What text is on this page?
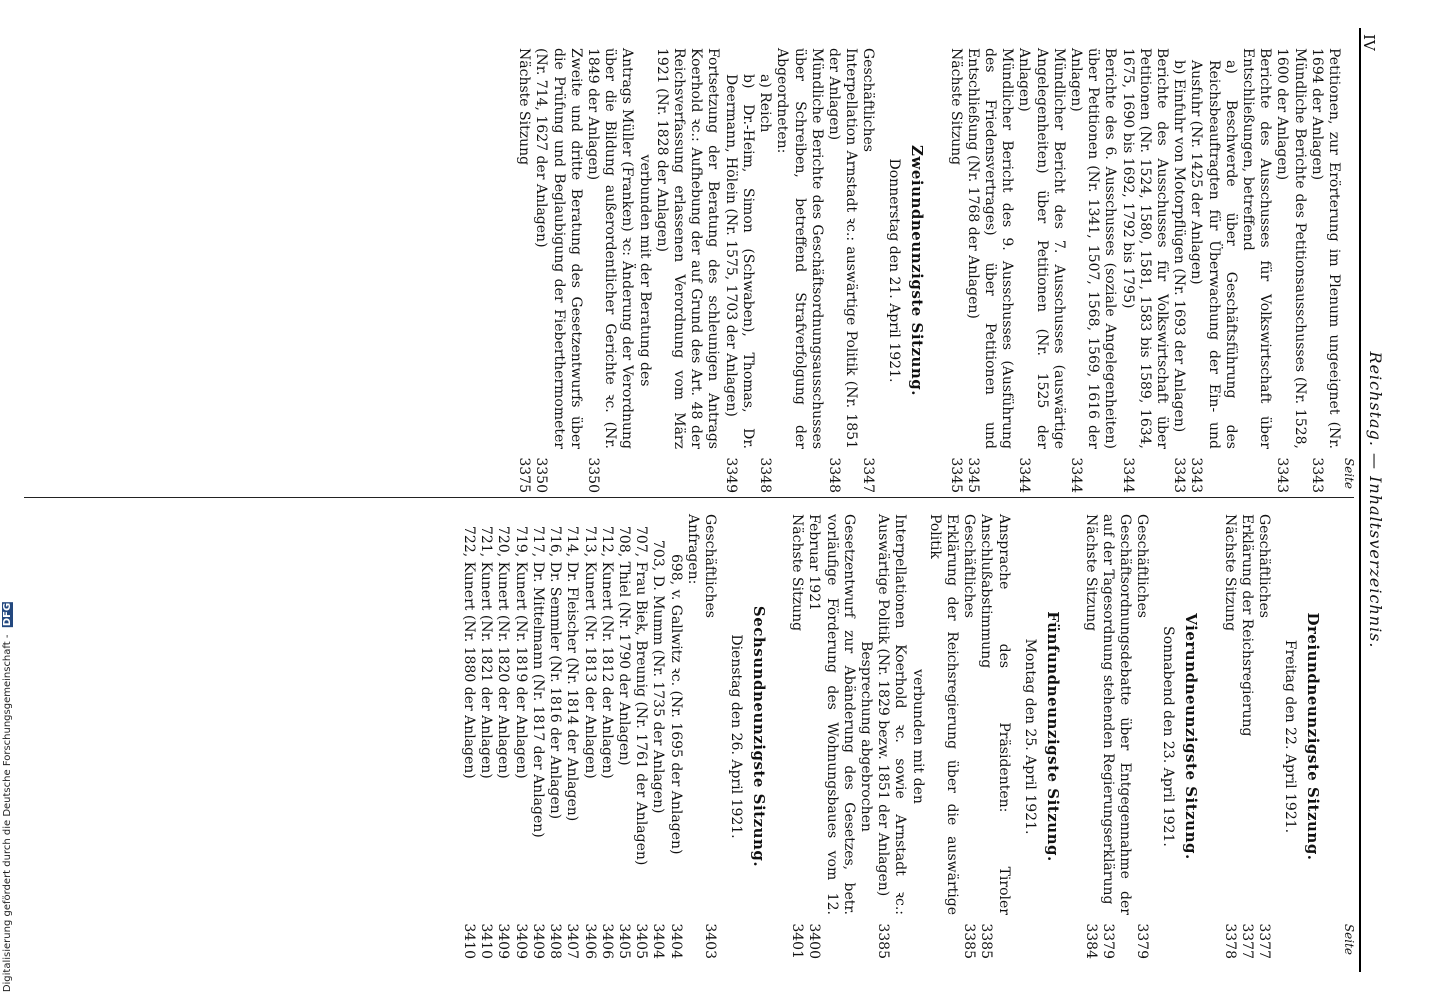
IV
Reichstag. — Inhaltsverzeichnis.
Seite
Petitionen, zur Erörterung im Plenum ungeeignet (Nr. 1694 der Anlagen)
3343
Mündliche Berichte des Petitionsausschusses (Nr. 1528, 1600 der Anlagen)
3343
Berichte des Ausschusses für Volkswirtschaft über Entschließungen, betreffend
a) Beschwerde über Geschäftsführung des Reichsbeauftragten für Überwachung der Ein- und Ausfuhr (Nr. 1425 der Anlagen)
3343
b) Einfuhr von Motorpflügen (Nr. 1693 der Anlagen)
3343
Berichte des Ausschusses für Volkswirtschaft über Petitionen (Nr. 1524, 1580, 1581, 1583 bis 1589, 1634, 1675, 1690 bis 1692, 1792 bis 1795)
3344
Berichte des 6. Ausschusses (soziale Angelegenheiten) über Petitionen (Nr. 1341, 1507, 1568, 1569, 1616 der Anlagen)
3344
Mündlicher Bericht des 7. Ausschusses (auswärtige Angelegenheiten) über Petitionen (Nr. 1525 der Anlagen)
3344
Mündlicher Bericht des 9. Ausschusses (Ausführung des Friedensvertrages) über Petitionen und Entschließung (Nr. 1768 der Anlagen)
3345
Nächste Sitzung
3345
Zweiundneunzigste Sitzung.
Donnerstag den 21. April 1921.
Geschäftliches
3347
Interpellation Arnstadt ꝛc.: auswärtige Politik (Nr. 1851 der Anlagen)
3348
Mündliche Berichte des Geschäftsordnungsausschusses über Schreiben, betreffend Strafverfolgung der Abgeordneten:
a) Reich
3348
b) Dr.-Heim, Simon (Schwaben), Thomas, Dr. Deermann, Hölein (Nr. 1575, 1703 der Anlagen)
3349
Fortsetzung der Beratung des schleunigen Antrags Koerhold ꝛc.: Aufhebung der auf Grund des Art. 48 der Reichsverfassung erlassenen Verordnung vom März 1921 (Nr. 1828 der Anlagen)
verbunden mit der Beratung des
Antrags Müller (Franken) ꝛc: Änderung der Verordnung über die Bildung außerordentlicher Gerichte ꝛc. (Nr. 1849 der Anlagen)
3350
Zweite und dritte Beratung des Gesetzentwurfs über die Prüfung und Beglaubigung der Fieberthermometer (Nr. 714, 1627 der Anlagen)
3350
Nächste Sitzung
3375
Seite
Dreiundneunzigste Sitzung.
Freitag den 22. April 1921.
Geschäftliches
3377
Erklärung der Reichsregierung
3377
Nächste Sitzung
3378
Vierundneunzigste Sitzung.
Sonnabend den 23. April 1921.
Geschäftliches
3379
Geschäftsordnungsdebatte über Entgegennahme der auf der Tagesordnung stehenden Regierungserklärung
3379
Nächste Sitzung
3384
Fünfundneunzigste Sitzung.
Montag den 25. April 1921.
Ansprache des Präsidenten: Tiroler Anschlußabstimmung
3385
Geschäftliches
3385
Erklärung der Reichsregierung über die auswärtige Politik
verbunden mit den
Interpellationen Koerhold ꝛc. sowie Arnstadt ꝛc.: Auswärtige Politik (Nr. 1829 bezw. 1851 der Anlagen)
3385
Besprechung abgebrochen
Gesetzentwurf zur Abänderung des Gesetzes, betr. vorläufige Förderung des Wohnungsbaues vom 12. Februar 1921
3400
Nächste Sitzung
3401
Sechsundneunzigste Sitzung.
Dienstag den 26. April 1921.
Geschäftliches
3403
Anfragen:
698, v. Gallwitz ꝛc. (Nr. 1695 der Anlagen)
3404
703, D. Mumm (Nr. 1735 der Anlagen)
3404
707, Frau Biek, Breunig (Nr. 1761 der Anlagen)
3405
708, Thiel (Nr. 1790 der Anlagen)
3405
712, Kunert (Nr. 1812 der Anlagen)
3406
713, Kunert (Nr. 1813 der Anlagen)
3406
714, Dr. Fleischer (Nr. 1814 der Anlagen)
3407
716, Dr. Semmler (Nr. 1816 der Anlagen)
3408
717, Dr. Mittelmann (Nr. 1817 der Anlagen)
3409
719, Kunert (Nr. 1819 der Anlagen)
3409
720, Kunert (Nr. 1820 der Anlagen)
3409
721, Kunert (Nr. 1821 der Anlagen)
3410
722, Kunert (Nr. 1880 der Anlagen)
3410
Digitalisierung gefördert durch die Deutsche Forschungsgemeinschaft - DFG
